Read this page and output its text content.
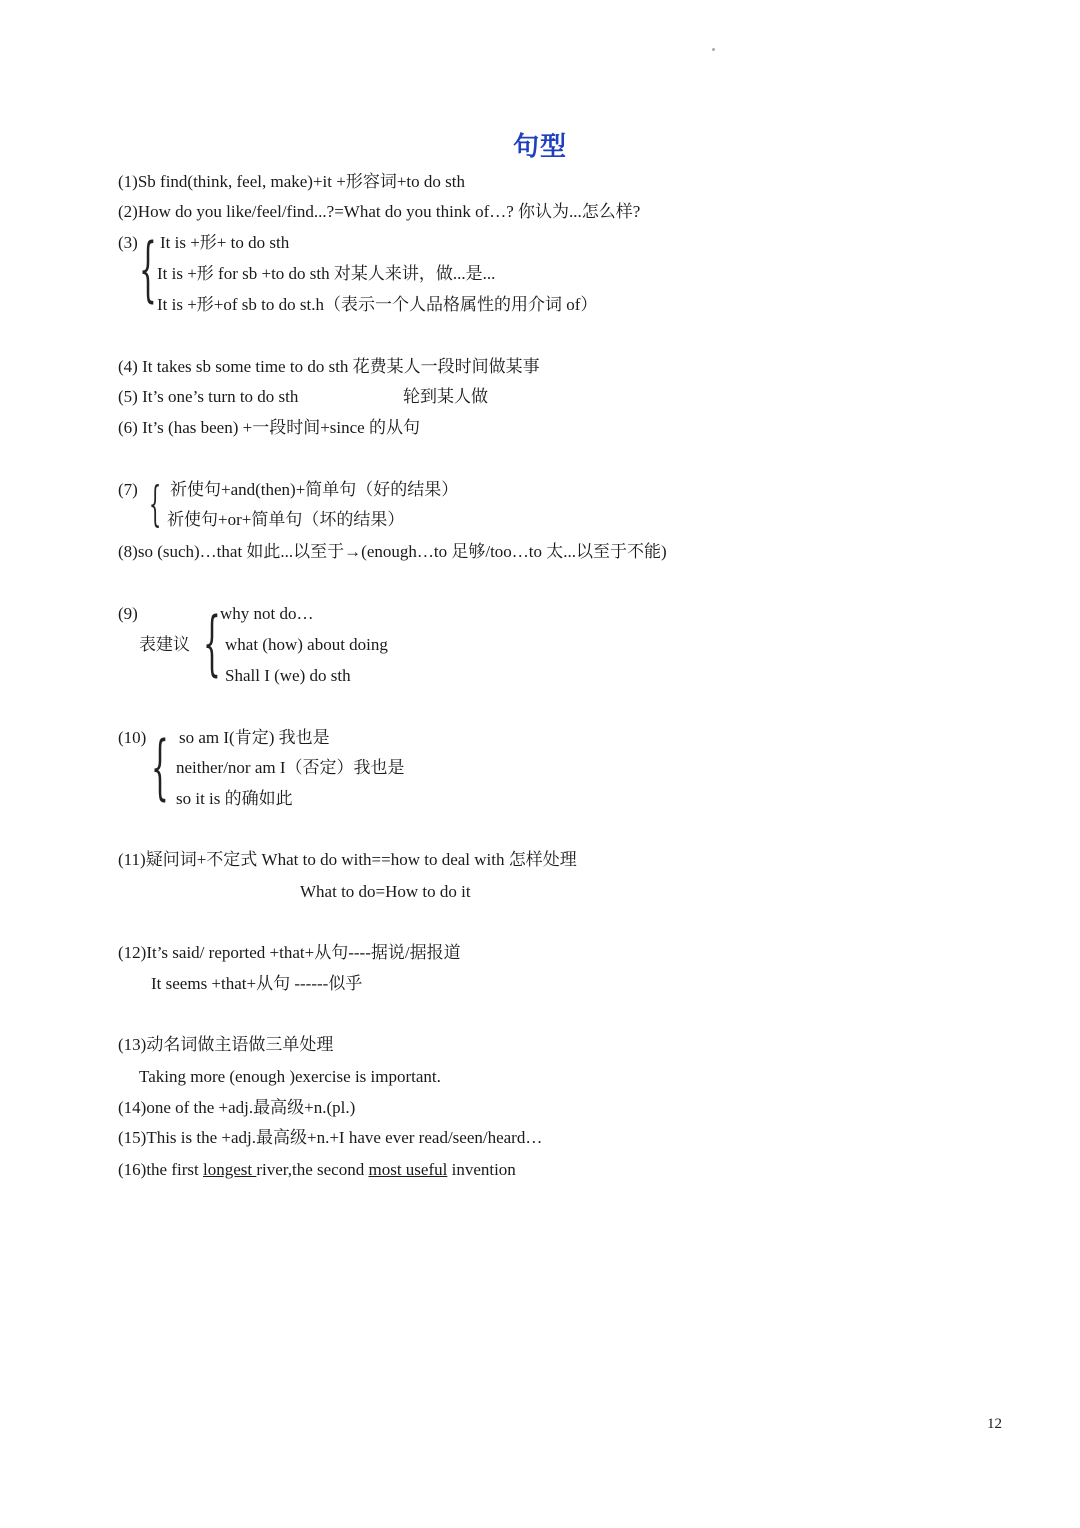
句型
(1)Sb find(think, feel, make)+it +形容词+to do sth
(2)How do you like/feel/find...?=What do you think of…? 你认为...怎么样?
(3) { It is +形+ to do sth
It is +形 for sb +to do sth 对某人来讲，做...是...
It is +形+of sb to do st.h（表示一个人品格属性的用介词 of）
(4) It takes sb some time to do sth 花费某人一段时间做某事
(5) It’s one’s turn to do sth	轮到某人做
(6) It’s (has been) +一段时间+since 的从句
(7) { 祈使句+and(then)+简单句（好的结果）
祈使句+or+简单句（坏的结果）
(8)so (such)…that 如此...以至于→(enough…to 足够/too…to 太...以至于不能)
(9)
表建议 { why not do…
what (how) about doing
Shall I (we) do sth
(10) { so am I(肯定) 我也是
neither/nor am I（否定）我也是
so it is 的确如此
(11)疑问词+不定式 What to do with==how to deal with 怎样处理
What to do=How to do it
(12)It’s said/ reported +that+从句----据说/据报道
It seems +that+从句 ------似乎
(13)动名词做主语做三单处理
Taking more (enough )exercise is important.
(14)one of the +adj.最高级+n.(pl.)
(15)This is the +adj.最高级+n.+I have ever read/seen/heard…
(16)the first longest river,the second most useful invention
12
